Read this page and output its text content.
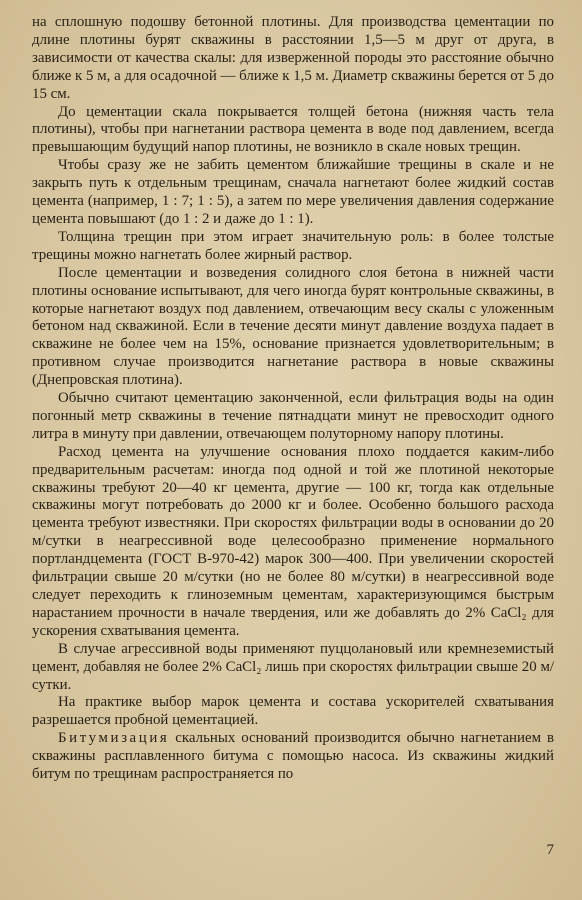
на сплошную подошву бетонной плотины. Для производства цементации по длине плотины бурят скважины в расстоянии 1,5—5 м друг от друга, в зависимости от качества скалы: для изверженной породы это расстояние обычно ближе к 5 м, а для осадочной — ближе к 1,5 м. Диаметр скважины берется от 5 до 15 см.

До цементации скала покрывается толщей бетона (нижняя часть тела плотины), чтобы при нагнетании раствора цемента в воде под давлением, всегда превышающим будущий напор плотины, не возникло в скале новых трещин.

Чтобы сразу же не забить цементом ближайшие трещины в скале и не закрыть путь к отдельным трещинам, сначала нагнетают более жидкий состав цемента (например, 1 : 7; 1 : 5), а затем по мере увеличения давления содержание цемента повышают (до 1 : 2 и даже до 1 : 1).

Толщина трещин при этом играет значительную роль: в более толстые трещины можно нагнетать более жирный раствор.

После цементации и возведения солидного слоя бетона в нижней части плотины основание испытывают, для чего иногда бурят контрольные скважины, в которые нагнетают воздух под давлением, отвечающим весу скалы с уложенным бетоном над скважиной. Если в течение десяти минут давление воздуха падает в скважине не более чем на 15%, основание признается удовлетворительным; в противном случае производится нагнетание раствора в новые скважины (Днепровская плотина).

Обычно считают цементацию законченной, если фильтрация воды на один погонный метр скважины в течение пятнадцати минут не превосходит одного литра в минуту при давлении, отвечающем полуторному напору плотины.

Расход цемента на улучшение основания плохо поддается каким-либо предварительным расчетам: иногда под одной и той же плотиной некоторые скважины требуют 20—40 кг цемента, другие — 100 кг, тогда как отдельные скважины могут потребовать до 2000 кг и более. Особенно большого расхода цемента требуют известняки. При скоростях фильтрации воды в основании до 20 м/сутки в неагрессивной воде целесообразно применение нормального портландцемента (ГОСТ В-970-42) марок 300—400. При увеличении скоростей фильтрации свыше 20 м/сутки (но не более 80 м/сутки) в неагрессивной воде следует переходить к глиноземным цементам, характеризующимся быстрым нарастанием прочности в начале твердения, или же добавлять до 2% CaCl₂ для ускорения схватывания цемента.

В случае агрессивной воды применяют пуццолановый или кремнеземистый цемент, добавляя не более 2% CaCl₂ лишь при скоростях фильтрации свыше 20 м/сутки.

На практике выбор марок цемента и состава ускорителей схватывания разрешается пробной цементацией.

Битумизация скальных оснований производится обычно нагнетанием в скважины расплавленного битума с помощью насоса. Из скважины жидкий битум по трещинам распространяется по

7
